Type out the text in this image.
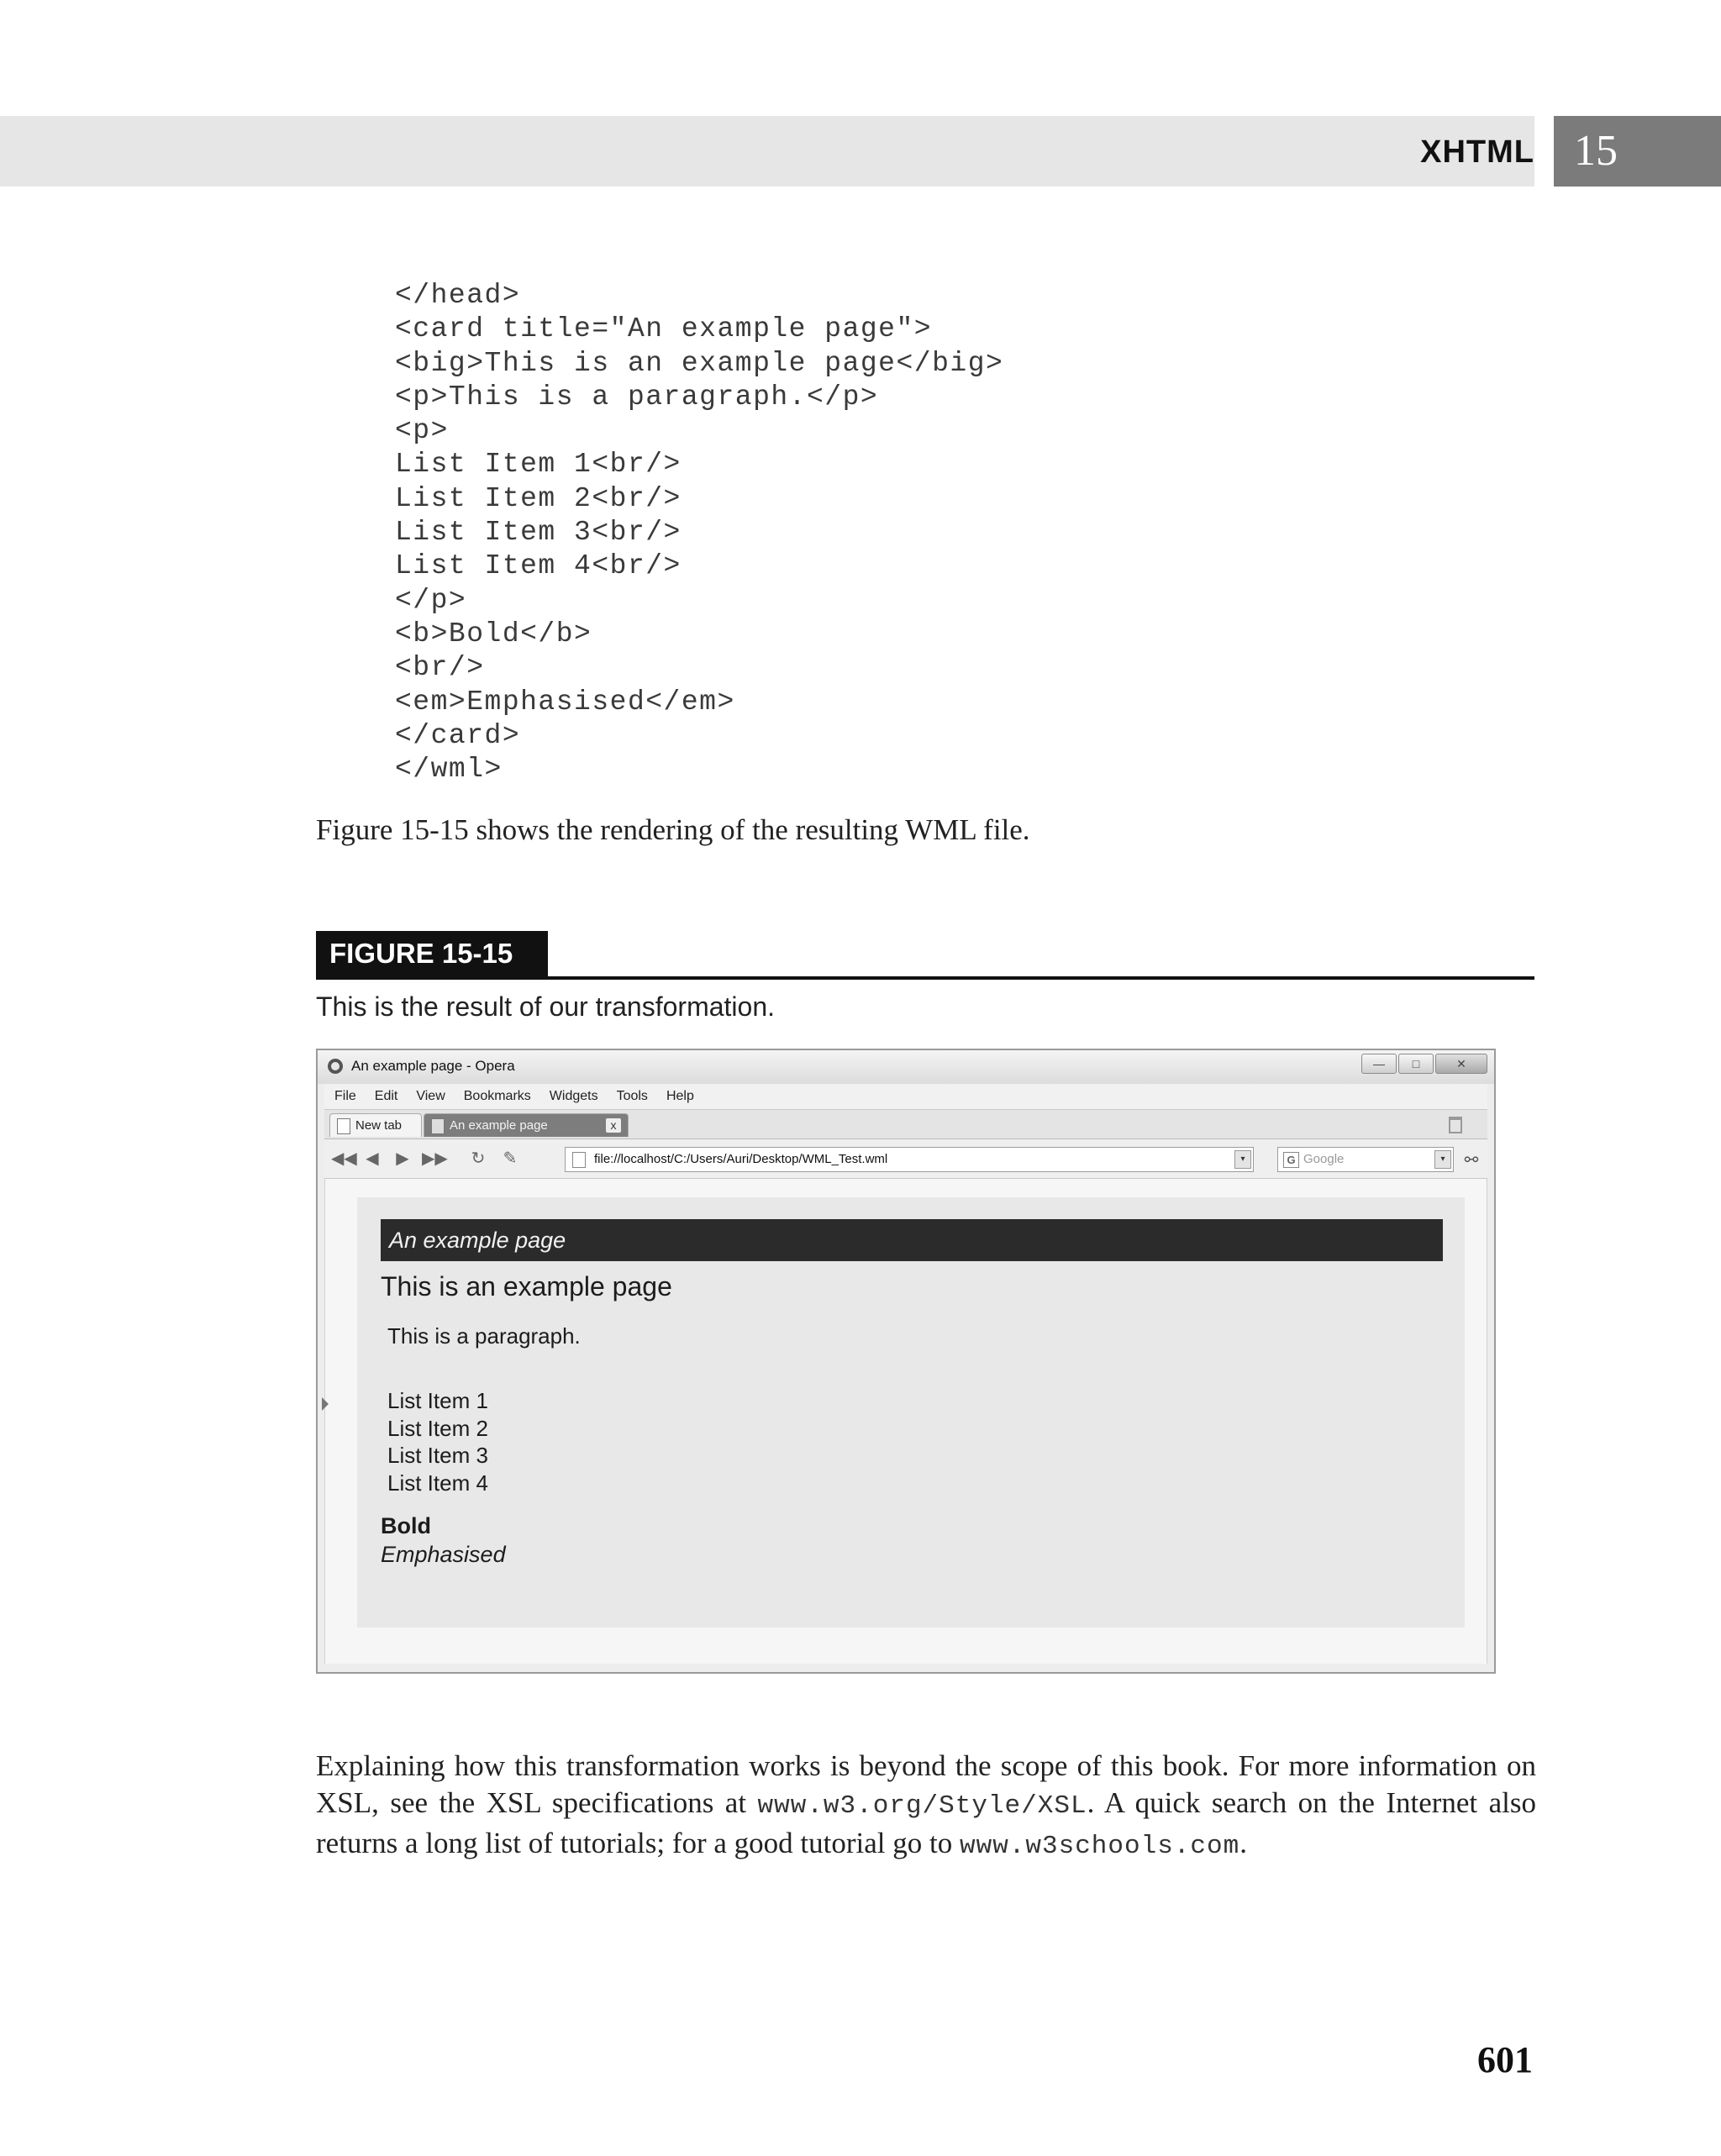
XHTML 15
</head>
<card title="An example page">
<big>This is an example page</big>
<p>This is a paragraph.</p>
<p>
List Item 1<br/>
List Item 2<br/>
List Item 3<br/>
List Item 4<br/>
</p>
<b>Bold</b>
<br/>
<em>Emphasised</em>
</card>
</wml>
Figure 15-15 shows the rendering of the resulting WML file.
FIGURE 15-15
This is the result of our transformation.
An example page - Opera	—	□	✕
File Edit View Bookmarks Widgets Tools Help
New tab	An example page	x
◀◀ ◀ ▶ ▶▶ ↻ ✎	file://localhost/C:/Users/Auri/Desktop/WML_Test.wml	▾	G Google	▾	⚯
An example page
This is an example page
This is a paragraph.
List Item 1
List Item 2
List Item 3
List Item 4
Bold
Emphasised
Explaining how this transformation works is beyond the scope of this book. For more information on XSL, see the XSL specifications at www.w3.org/Style/XSL. A quick search on the Internet also returns a long list of tutorials; for a good tutorial go to www.w3schools.com.
601
